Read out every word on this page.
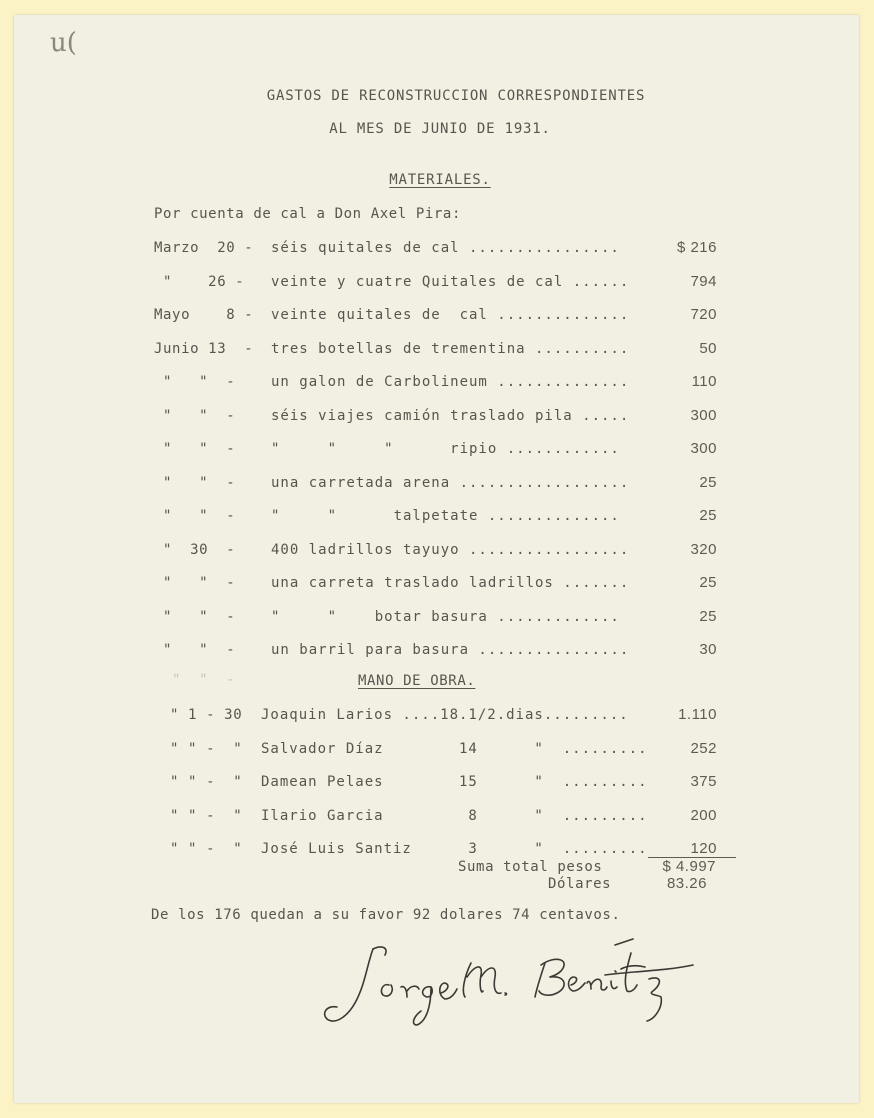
u(
GASTOS DE RECONSTRUCCION CORRESPONDIENTES
AL MES DE JUNIO DE 1931.
MATERIALES.
Por cuenta de cal a Don Axel Pira:
Marzo  20 - séis quitales de cal ................	$ 216
"    26 - veinte y cuatre Quitales de cal ......	794
Mayo    8 - veinte quitales de  cal ..............	720
Junio 13  - tres botellas de trementina ..........	50
"   "  -	un galon de Carbolineum ..............	110
"   "  -	séis viajes camión traslado pila .....	300
"   "  -	"     "     "      ripio ............	300
"   "  -	una carretada arena ..................	25
"   "  -	"     "      talpetate ..............	25
"  30  -	400 ladrillos tayuyo .................	320
"   "  -	una carreta traslado ladrillos .......	25
"   "  -	"     "    botar basura .............	25
"   "  -	un barril para basura ................	30
"  "  -	MANO DE OBRA.
" 1 - 30 Joaquin Larios ....18.1/2.dias.........	1.110
" " -  " Salvador Díaz        14      "  .........	252
" " -  " Damean Pelaes        15      "  .........	375
" " -  " Ilario Garcia         8      "  .........	200
" " -  " José Luis Santiz      3      "  .........	120
Suma total pesos	$ 4.997
Dólares	83.26
De los 176 quedan a su favor 92 dolares 74 centavos.
